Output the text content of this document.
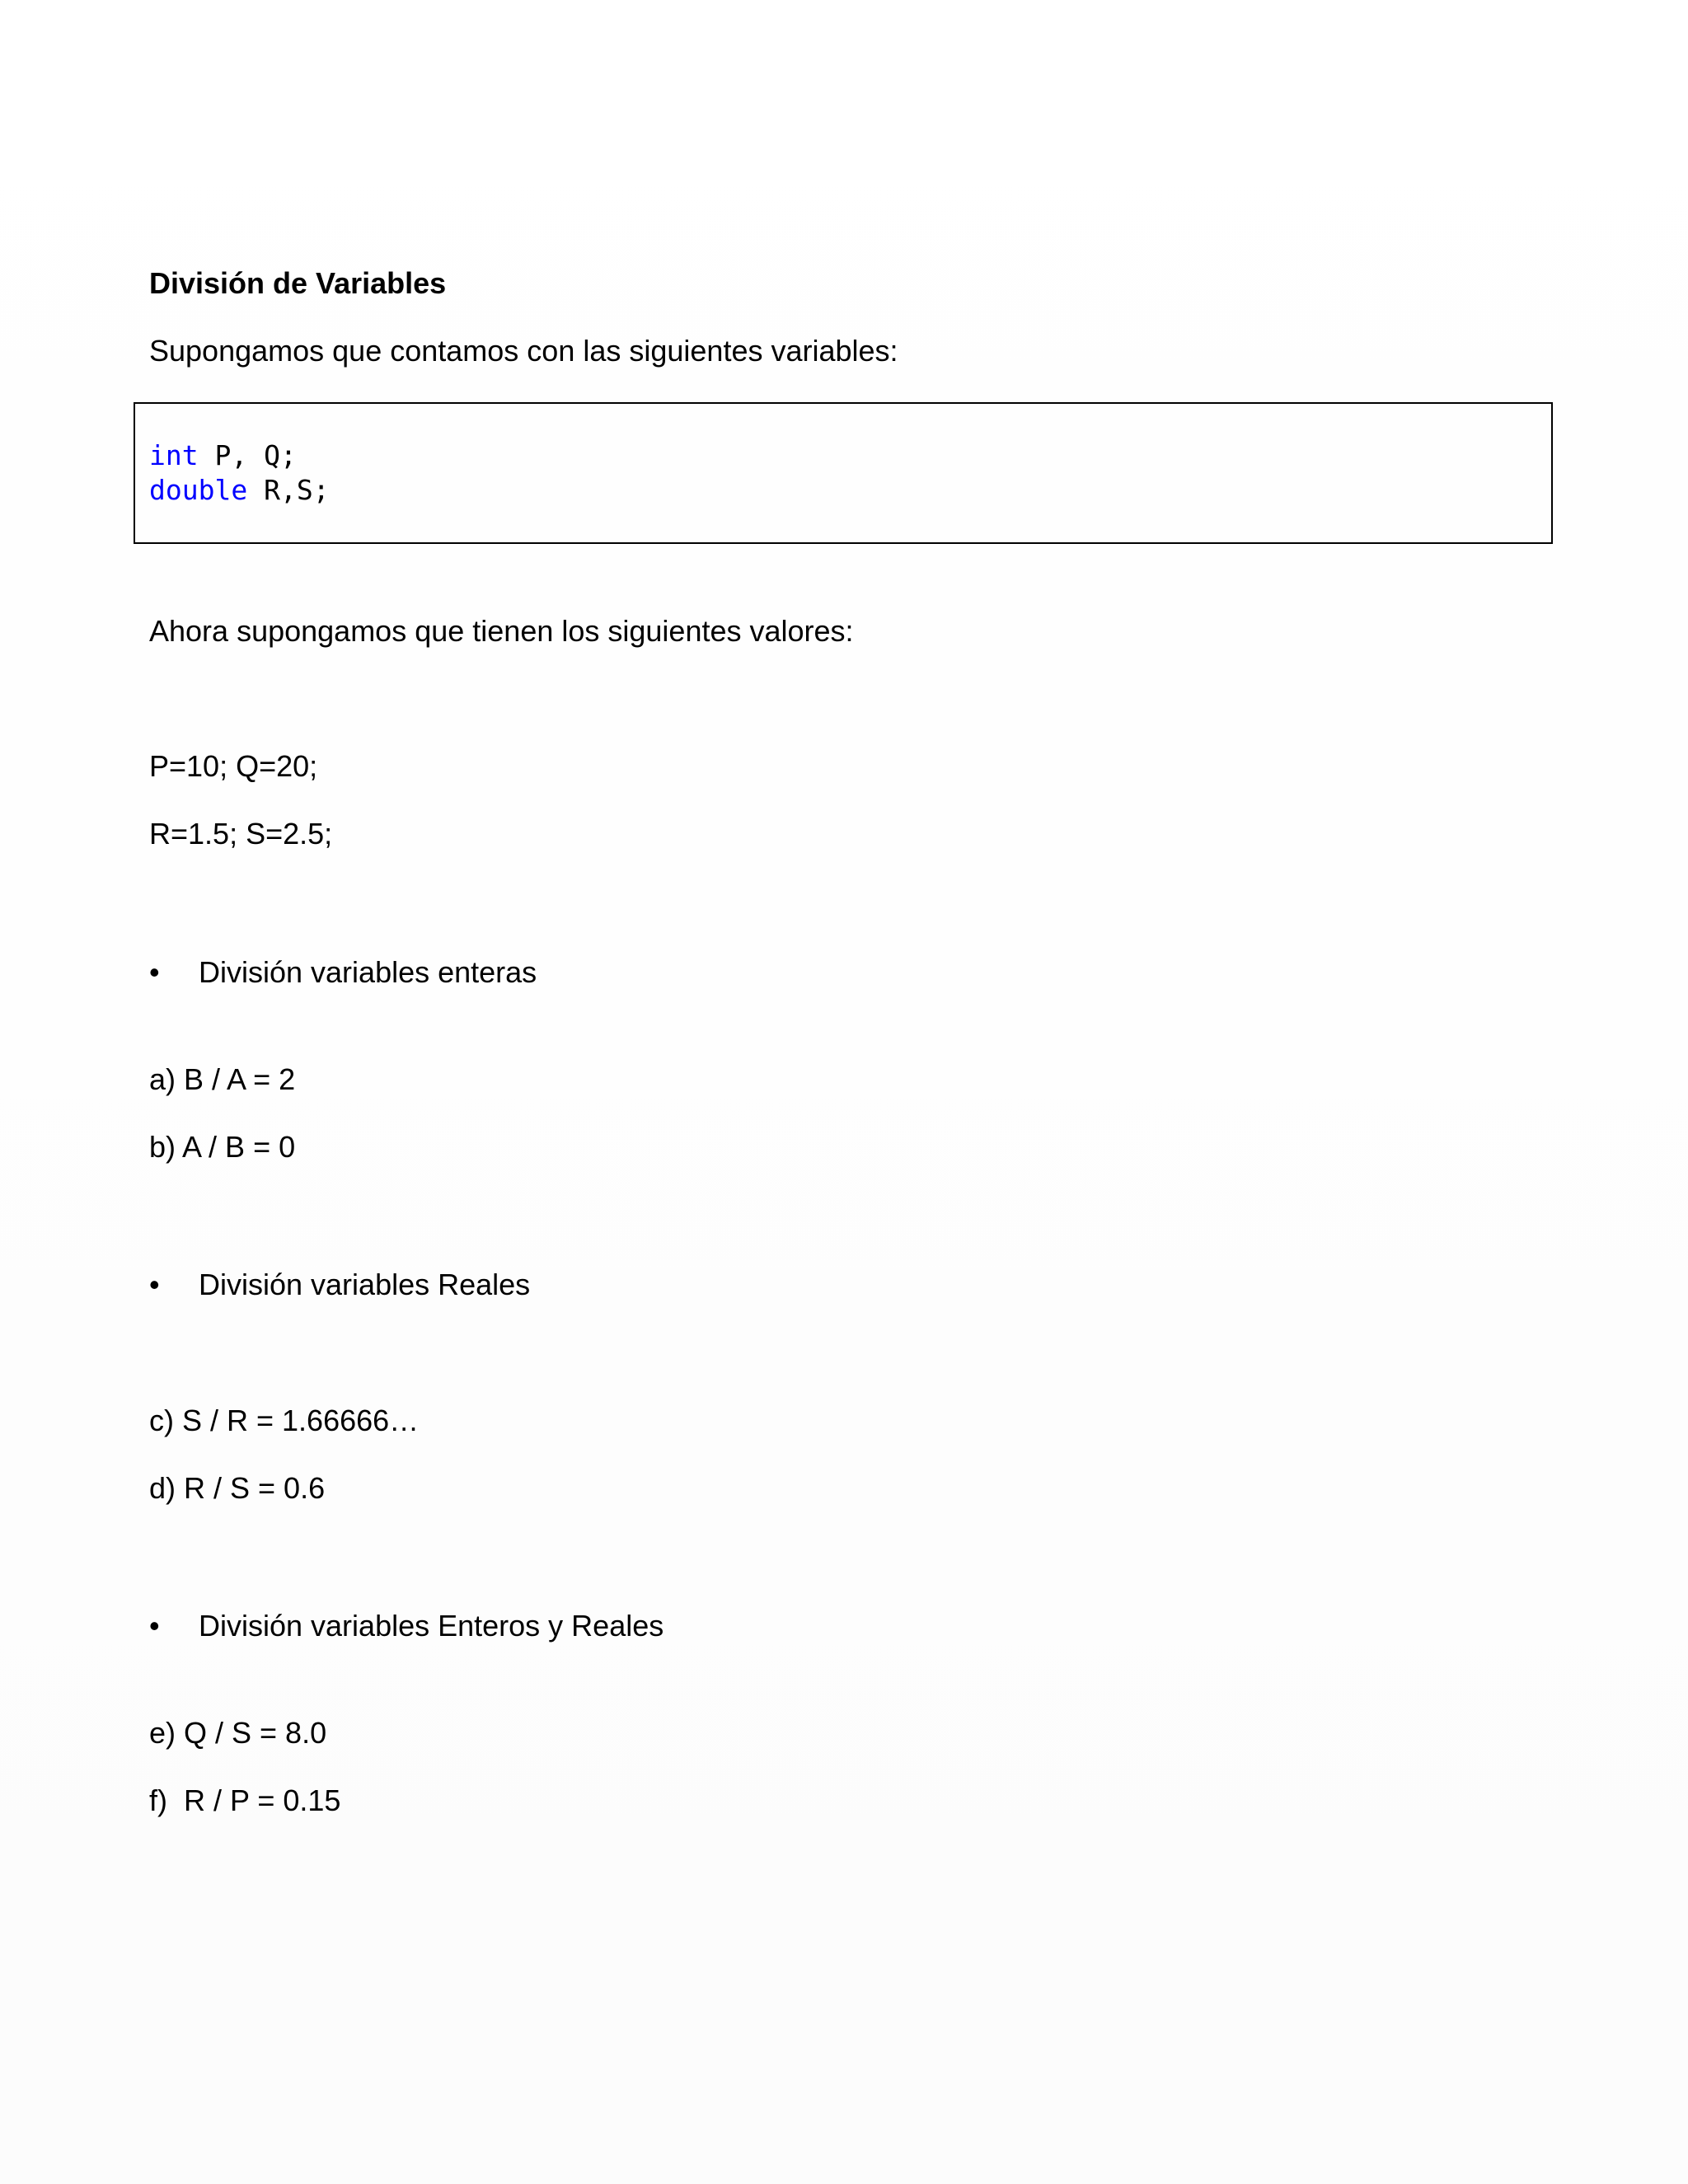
División de Variables
Supongamos que contamos con las siguientes variables:
int P, Q;
double R,S;
Ahora supongamos que tienen los siguientes valores:
P=10; Q=20;
R=1.5; S=2.5;
• División variables enteras
a) B / A = 2
b) A / B = 0
• División variables Reales
c) S / R = 1.66666…
d) R / S = 0.6
• División variables Enteros y Reales
e) Q / S = 8.0
f)  R / P = 0.15
